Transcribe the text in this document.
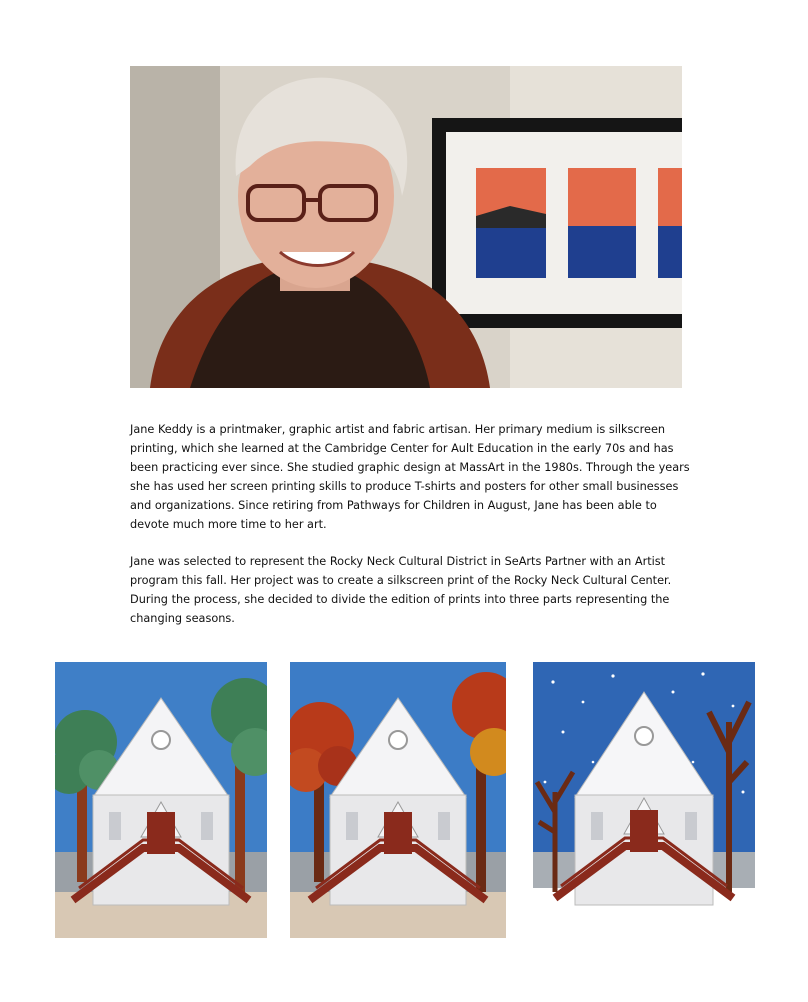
Jane Keddy is a printmaker, graphic artist and fabric artisan. Her primary medium is silkscreen printing, which she learned at the Cambridge Center for Ault Education in the early 70s and has been practicing ever since. She studied graphic design at MassArt in the 1980s. Through the years she has used her screen printing skills to produce T-shirts and posters for other small businesses and organizations. Since retiring from Pathways for Children in August, Jane has been able to devote much more time to her art.

Jane was selected to represent the Rocky Neck Cultural District in SeArts Partner with an Artist program this fall. Her project was to create a silkscreen print of the Rocky Neck Cultural Center. During the process, she decided to divide the edition of prints into three parts representing the changing seasons.
